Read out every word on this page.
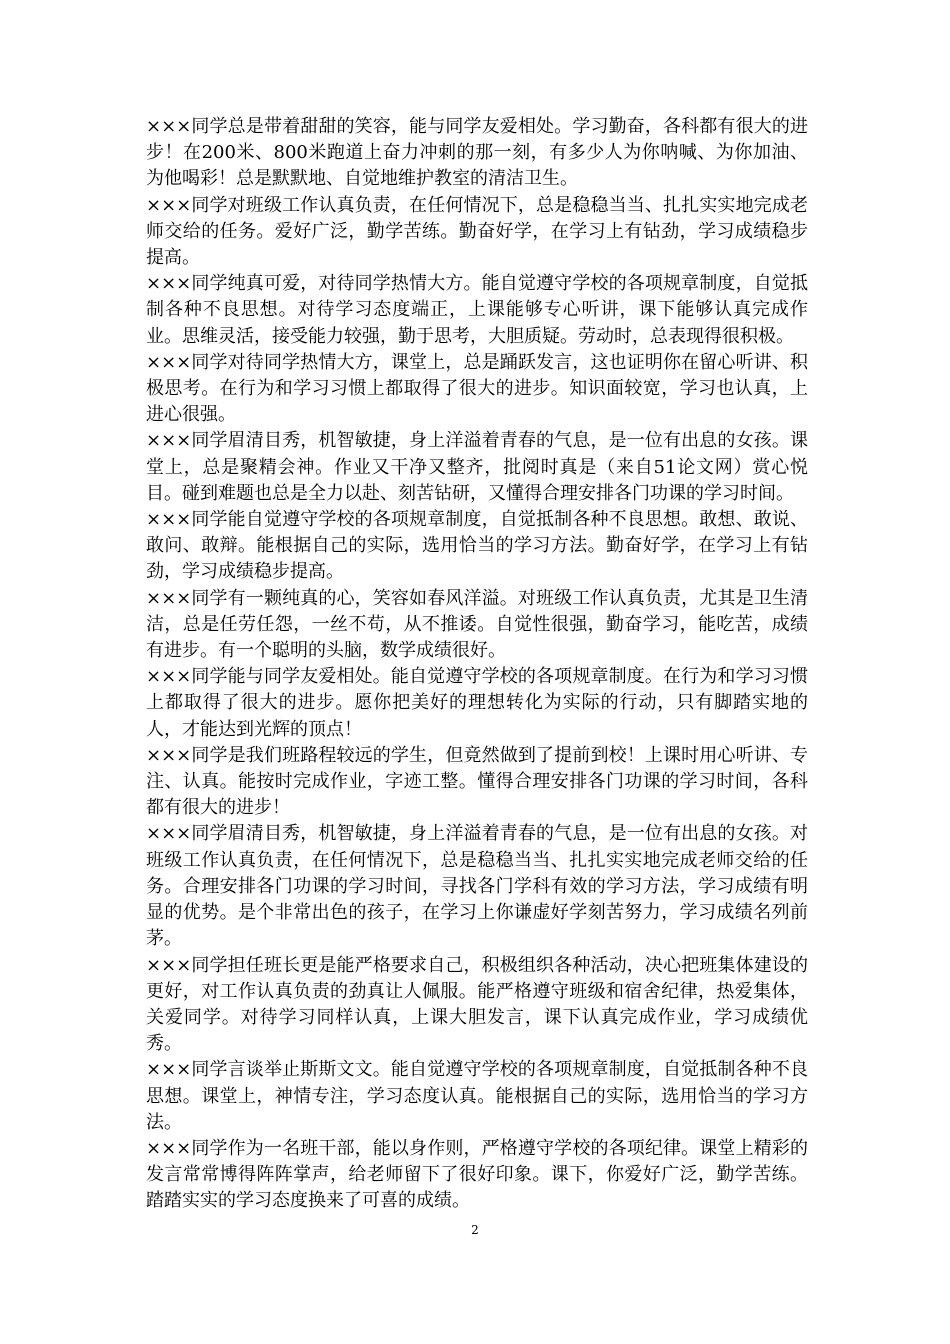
×××同学总是带着甜甜的笑容，能与同学友爱相处。学习勤奋，各科都有很大的进步！在200米、800米跑道上奋力冲刺的那一刻，有多少人为你呐喊、为你加油、为他喝彩！总是默默地、自觉地维护教室的清洁卫生。

×××同学对班级工作认真负责，在任何情况下，总是稳稳当当、扎扎实实地完成老师交给的任务。爱好广泛，勤学苦练。勤奋好学，在学习上有钻劲，学习成绩稳步提高。

×××同学纯真可爱，对待同学热情大方。能自觉遵守学校的各项规章制度，自觉抵制各种不良思想。对待学习态度端正，上课能够专心听讲，课下能够认真完成作业。思维灵活，接受能力较强，勤于思考，大胆质疑。劳动时，总表现得很积极。

×××同学对待同学热情大方，课堂上，总是踊跃发言，这也证明你在留心听讲、积极思考。在行为和学习习惯上都取得了很大的进步。知识面较宽，学习也认真，上进心很强。

×××同学眉清目秀，机智敏捷，身上洋溢着青春的气息，是一位有出息的女孩。课堂上，总是聚精会神。作业又干净又整齐，批阅时真是（来自51论文网）赏心悦目。碰到难题也总是全力以赴、刻苦钻研，又懂得合理安排各门功课的学习时间。

×××同学能自觉遵守学校的各项规章制度，自觉抵制各种不良思想。敢想、敢说、敢问、敢辩。能根据自己的实际，选用恰当的学习方法。勤奋好学，在学习上有钻劲，学习成绩稳步提高。

×××同学有一颗纯真的心，笑容如春风洋溢。对班级工作认真负责，尤其是卫生清洁，总是任劳任怨，一丝不苟，从不推诿。自觉性很强，勤奋学习，能吃苦，成绩有进步。有一个聪明的头脑，数学成绩很好。

×××同学能与同学友爱相处。能自觉遵守学校的各项规章制度。在行为和学习习惯上都取得了很大的进步。愿你把美好的理想转化为实际的行动，只有脚踏实地的人，才能达到光辉的顶点！

×××同学是我们班路程较远的学生，但竟然做到了提前到校！上课时用心听讲、专注、认真。能按时完成作业，字迹工整。懂得合理安排各门功课的学习时间，各科都有很大的进步！

×××同学眉清目秀，机智敏捷，身上洋溢着青春的气息，是一位有出息的女孩。对班级工作认真负责，在任何情况下，总是稳稳当当、扎扎实实地完成老师交给的任务。合理安排各门功课的学习时间，寻找各门学科有效的学习方法，学习成绩有明显的优势。是个非常出色的孩子，在学习上你谦虚好学刻苦努力，学习成绩名列前茅。

×××同学担任班长更是能严格要求自己，积极组织各种活动，决心把班集体建设的更好，对工作认真负责的劲真让人佩服。能严格遵守班级和宿舍纪律，热爱集体，关爱同学。对待学习同样认真，上课大胆发言，课下认真完成作业，学习成绩优秀。

×××同学言谈举止斯斯文文。能自觉遵守学校的各项规章制度，自觉抵制各种不良思想。课堂上，神情专注，学习态度认真。能根据自己的实际，选用恰当的学习方法。

×××同学作为一名班干部，能以身作则，严格遵守学校的各项纪律。课堂上精彩的发言常常博得阵阵掌声，给老师留下了很好印象。课下，你爱好广泛，勤学苦练。踏踏实实的学习态度换来了可喜的成绩。

2
